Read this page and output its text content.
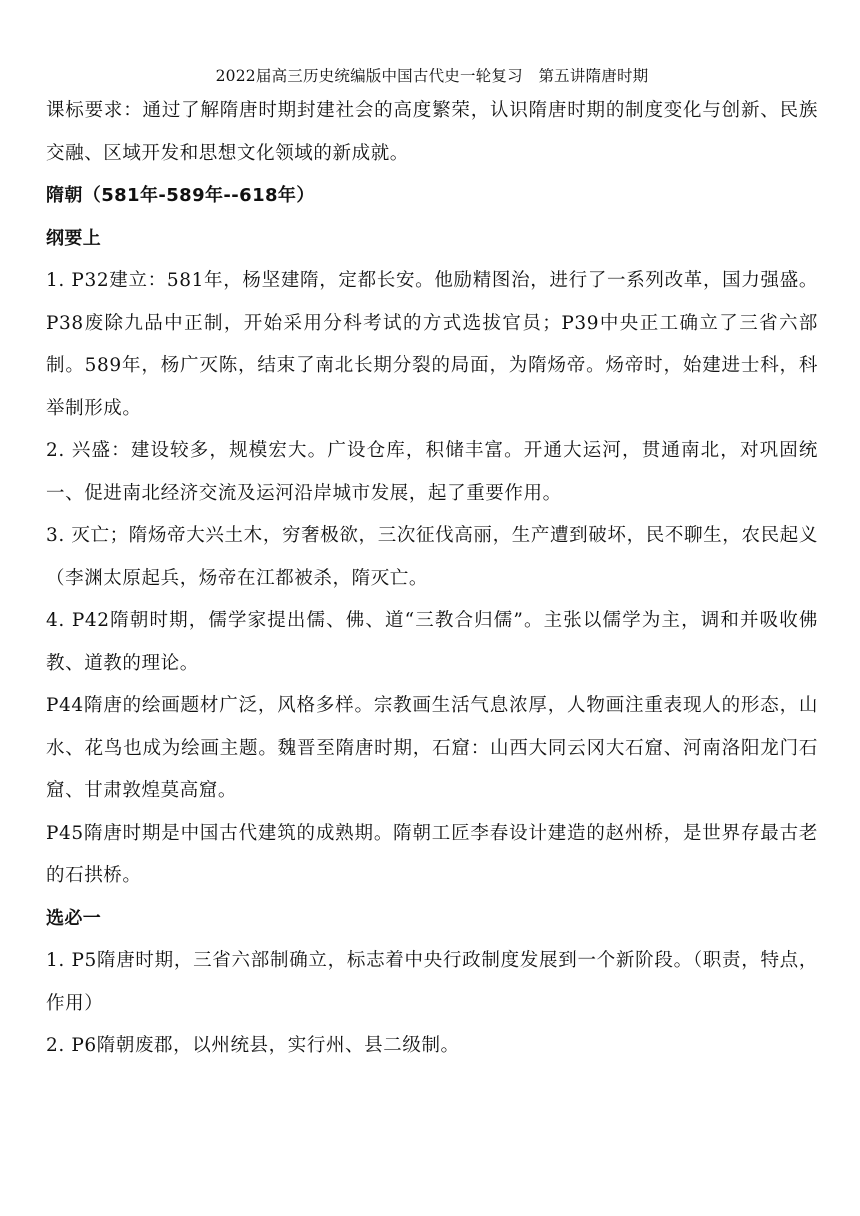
2022届高三历史统编版中国古代史一轮复习　第五讲隋唐时期

课标要求：通过了解隋唐时期封建社会的高度繁荣，认识隋唐时期的制度变化与创新、民族交融、区域开发和思想文化领域的新成就。

隋朝（581年-589年--618年）

纲要上

1. P32建立：581年，杨坚建隋，定都长安。他励精图治，进行了一系列改革，国力强盛。P38废除九品中正制，开始采用分科考试的方式选拔官员；P39中央正工确立了三省六部制。589年，杨广灭陈，结束了南北长期分裂的局面，为隋炀帝。炀帝时，始建进士科，科举制形成。

2. 兴盛：建设较多，规模宏大。广设仓库，积储丰富。开通大运河，贯通南北，对巩固统一、促进南北经济交流及运河沿岸城市发展，起了重要作用。

3. 灭亡；隋炀帝大兴土木，穷奢极欲，三次征伐高丽，生产遭到破坏，民不聊生，农民起义（李渊太原起兵，炀帝在江都被杀，隋灭亡。

4. P42隋朝时期，儒学家提出儒、佛、道“三教合归儒”。主张以儒学为主，调和并吸收佛教、道教的理论。

P44隋唐的绘画题材广泛，风格多样。宗教画生活气息浓厚，人物画注重表现人的形态，山水、花鸟也成为绘画主题。魏晋至隋唐时期，石窟：山西大同云冈大石窟、河南洛阳龙门石窟、甘肃敦煌莫高窟。

P45隋唐时期是中国古代建筑的成熟期。隋朝工匠李春设计建造的赵州桥，是世界存最古老的石拱桥。

选必一

1. P5隋唐时期，三省六部制确立，标志着中央行政制度发展到一个新阶段。（职责，特点，作用）

2. P6隋朝废郡，以州统县，实行州、县二级制。
